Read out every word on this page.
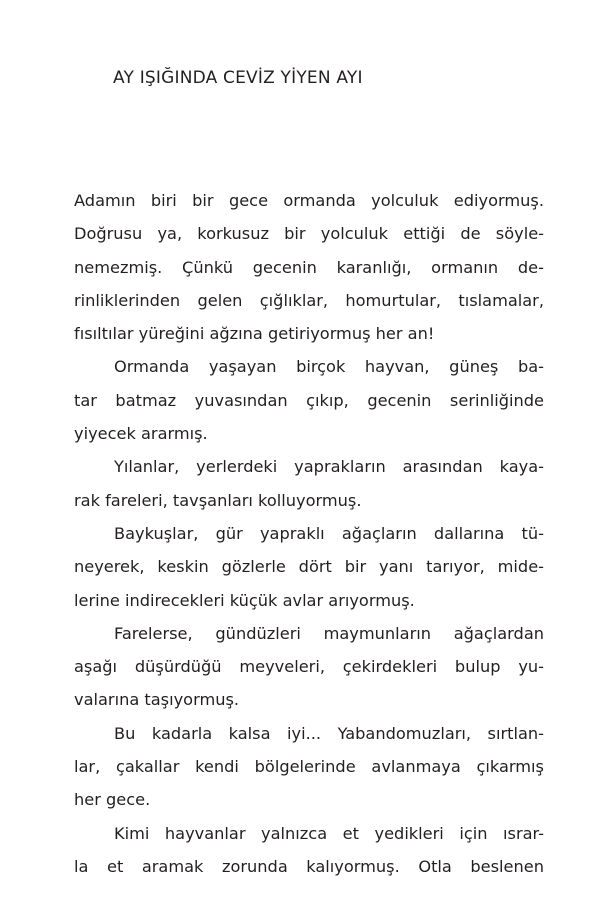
AY IŞIĞINDA CEVİZ YİYEN AYI
Adamın biri bir gece ormanda yolculuk ediyormuş.
Doğrusu ya, korkusuz bir yolculuk ettiği de söyle-
nemezmiş. Çünkü gecenin karanlığı, ormanın de-
rinliklerinden gelen çığlıklar, homurtular, tıslamalar,
fısıltılar yüreğini ağzına getiriyormuş her an!
Ormanda yaşayan birçok hayvan, güneş ba-
tar batmaz yuvasından çıkıp, gecenin serinliğinde
yiyecek ararmış.
Yılanlar, yerlerdeki yaprakların arasından kaya-
rak fareleri, tavşanları kolluyormuş.
Baykuşlar, gür yapraklı ağaçların dallarına tü-
neyerek, keskin gözlerle dört bir yanı tarıyor, mide-
lerine indirecekleri küçük avlar arıyormuş.
Farelerse, gündüzleri maymunların ağaçlardan
aşağı düşürdüğü meyveleri, çekirdekleri bulup yu-
valarına taşıyormuş.
Bu kadarla kalsa iyi... Yabandomuzları, sırtlan-
lar, çakallar kendi bölgelerinde avlanmaya çıkarmış
her gece.
Kimi hayvanlar yalnızca et yedikleri için ısrar-
la et aramak zorunda kalıyormuş. Otla beslenen
